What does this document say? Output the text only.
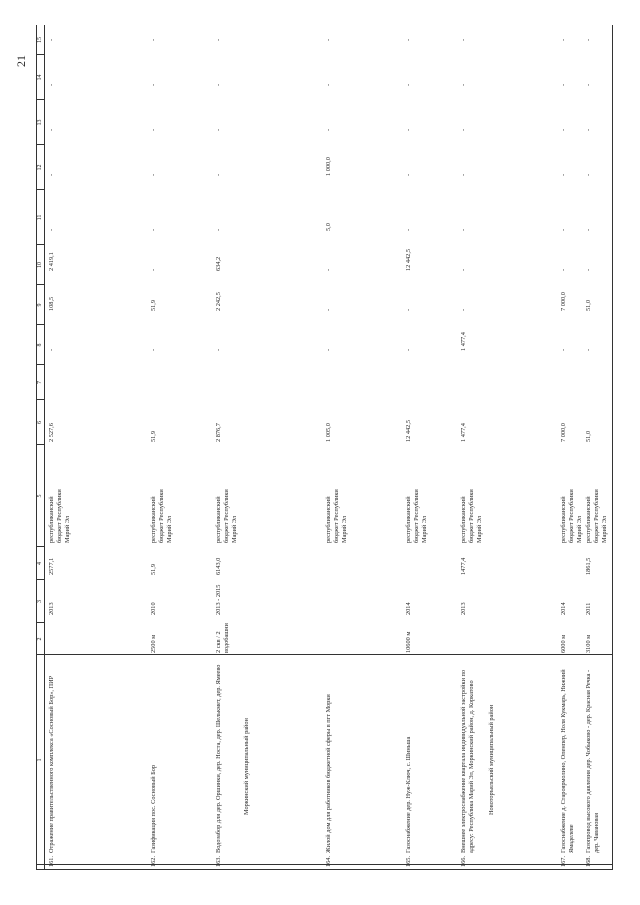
21
1
2
3
4
5
6
7
8
9
10
11
12
13
14
15
161.
Отражение правительственного комплекса «Сосновый Бор», ПИР
2013
2577,1
республиканский бюджет Республики Марий Эл
2 527,6
-
108,5
2 419,1
-
-
-
-
-
162.
Газификация пос. Сосновый Бор
2500 м
2010
51,9
республиканский бюджет Республики Марий Эл
51,9
-
51,9
-
-
-
-
-
-
163.
Водозабор для дер. Оршинки, дер. Носта, дер. Шелькмет, дер. Ямеево	Моркинский муниципальный район
2 скв / 2 водобашни
2013 - 2015
6143,0
республиканский бюджет Республики Марий Эл
2 876,7
-
2 242,5
634,2
-
-
-
-
-
164.
Жилой дом для работников бюджетной сферы в пгт Морки
республиканский бюджет Республики Марий Эл
1 005,0
-
-
-
5,0
1 000,0
-
-
-
165.
Газоснабжение дер. Нуж-Ключ, с. Шиньша
10600 м
2014
республиканский бюджет Республики Марий Эл
12 442,5
-
-
12 442,5
-
-
-
-
-
166.
Внешнее электроснабжение квартала индивидуальной застройки по адресу: Республика Марий Эл, Моркинский район, д. Коркатово Новоторъяльский муниципальный район
2013
1477,4
республиканский бюджет Республики Марий Эл
1 477,4
1 477,4
-
-
-
-
-
-
-
167.
Газоснабжение д. Староярмолино, Опенпер, Ноля Кукмарь, Нижний Ямаделеве
6000 м
2014
республиканский бюджет Республики Марий Эл
7 000,0
-
7 000,0
-
-
-
-
-
-
168.
Газопровод высокого давления дер. Чобыково - дер. Красная Речка - дер. Чавановая
3100 м
2011
1861,5
республиканский бюджет Республики Марий Эл
51,0
-
51,0
-
-
-
-
-
-
